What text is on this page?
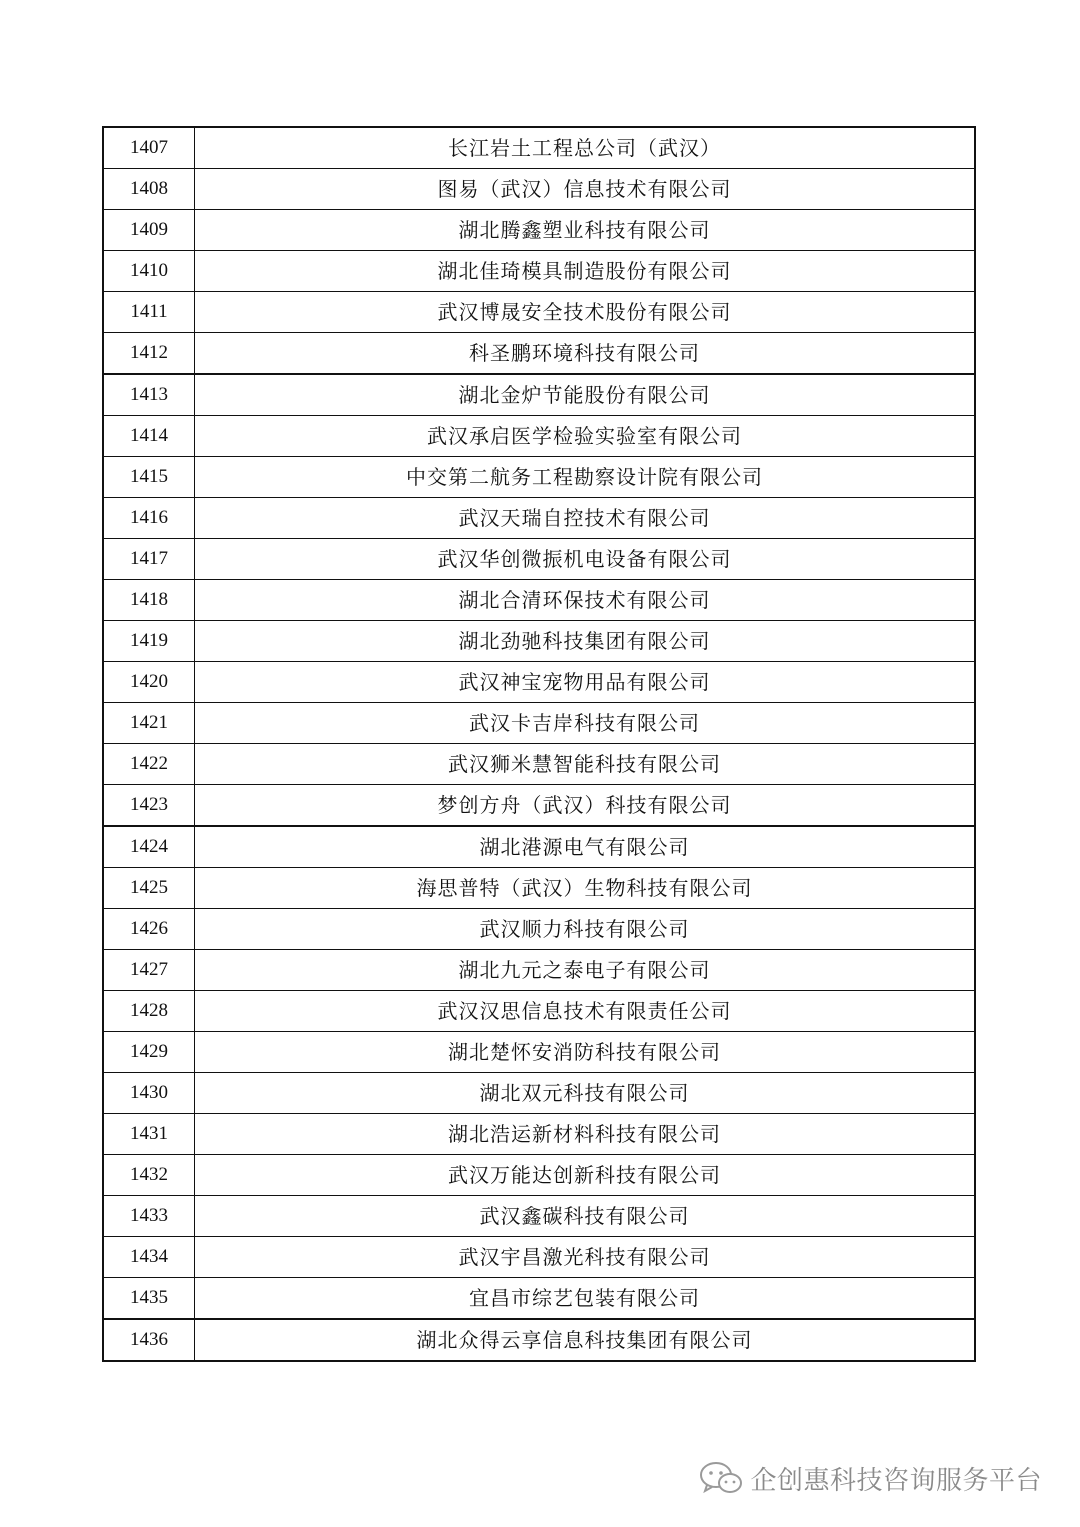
1407	长江岩土工程总公司（武汉）
1408	图易（武汉）信息技术有限公司
1409	湖北腾鑫塑业科技有限公司
1410	湖北佳琦模具制造股份有限公司
1411	武汉博晟安全技术股份有限公司
1412	科圣鹏环境科技有限公司
1413	湖北金炉节能股份有限公司
1414	武汉承启医学检验实验室有限公司
1415	中交第二航务工程勘察设计院有限公司
1416	武汉天瑞自控技术有限公司
1417	武汉华创微振机电设备有限公司
1418	湖北合清环保技术有限公司
1419	湖北劲驰科技集团有限公司
1420	武汉神宝宠物用品有限公司
1421	武汉卡吉岸科技有限公司
1422	武汉狮米慧智能科技有限公司
1423	梦创方舟（武汉）科技有限公司
1424	湖北港源电气有限公司
1425	海思普特（武汉）生物科技有限公司
1426	武汉顺力科技有限公司
1427	湖北九元之泰电子有限公司
1428	武汉汉思信息技术有限责任公司
1429	湖北楚怀安消防科技有限公司
1430	湖北双元科技有限公司
1431	湖北浩运新材料科技有限公司
1432	武汉万能达创新科技有限公司
1433	武汉鑫碳科技有限公司
1434	武汉宇昌激光科技有限公司
1435	宜昌市综艺包装有限公司
1436	湖北众得云享信息科技集团有限公司
企创惠科技咨询服务平台
